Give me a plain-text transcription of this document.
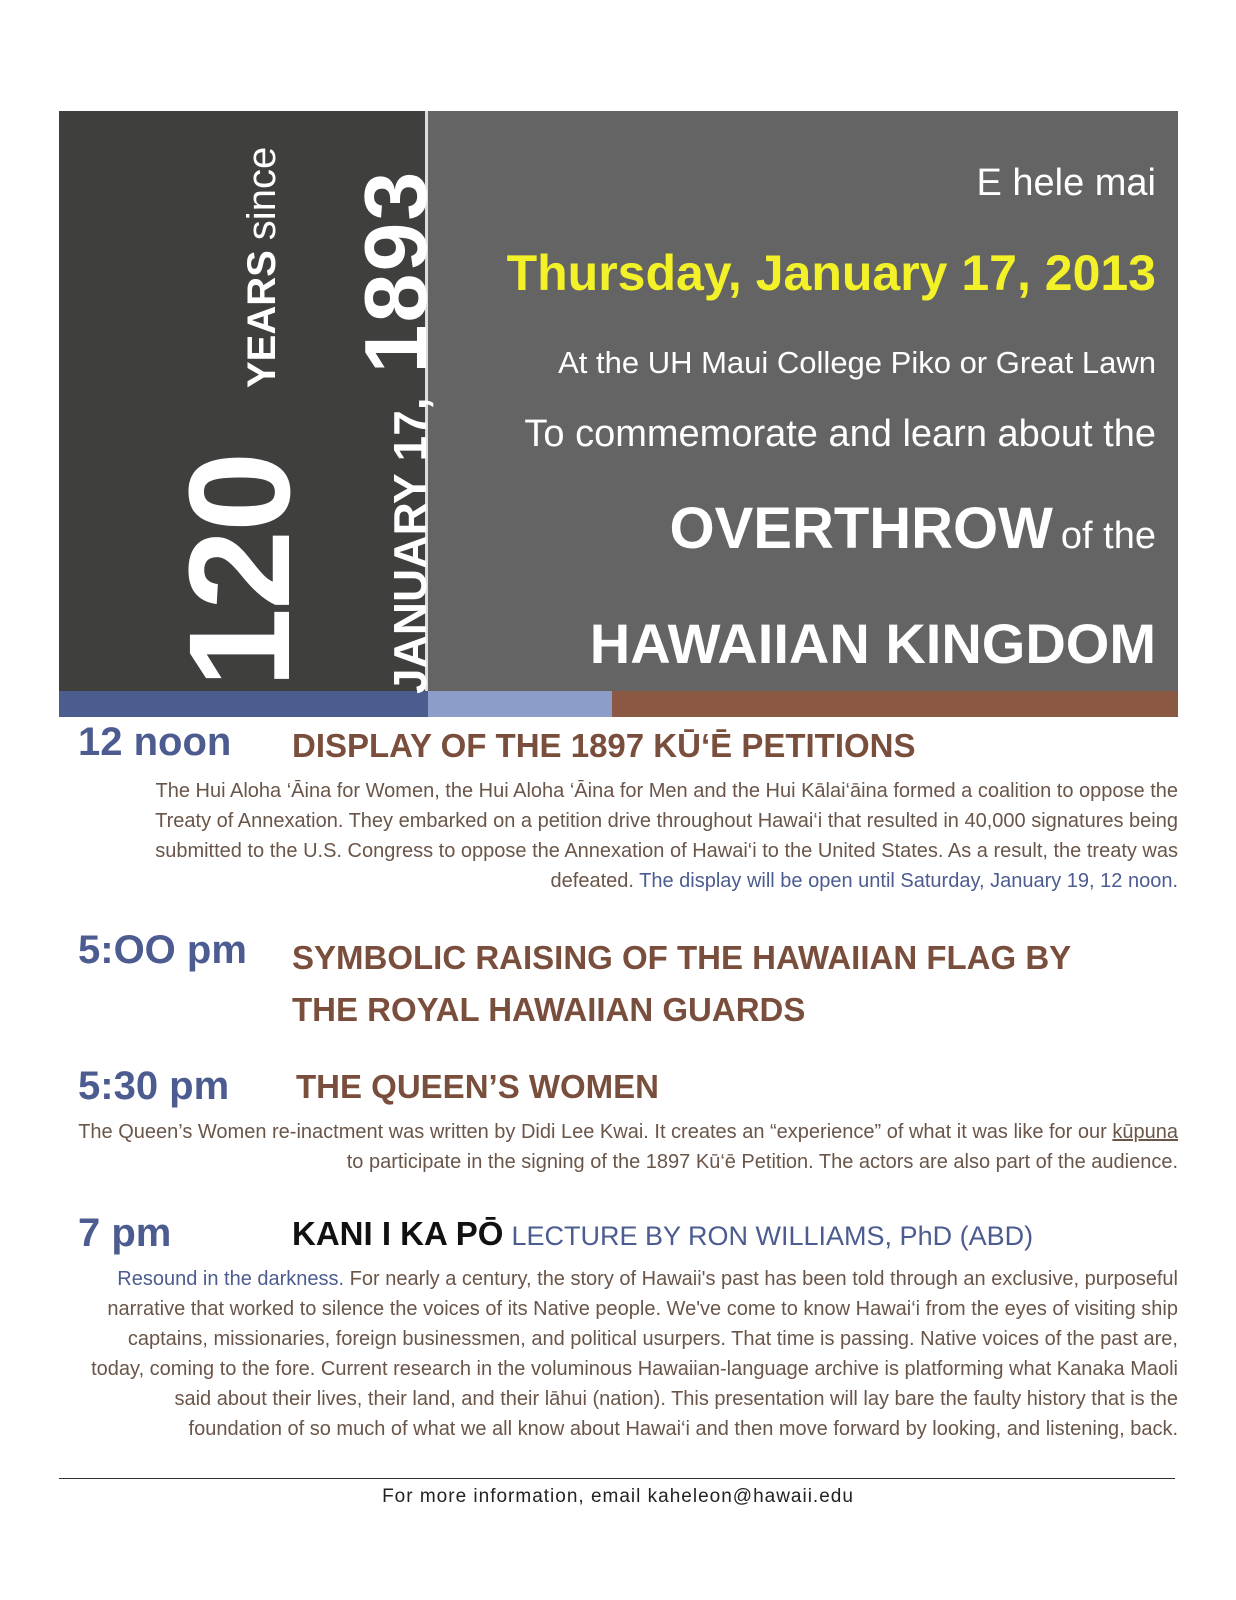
120
YEARSsince
JANUARY 17,1893	E hele mai
Thursday, January 17, 2013
At the UH Maui College Piko or Great Lawn
To commemorate and learn about the
OVERTHROW of the
HAWAIIAN KINGDOM
12 noon DISPLAY OF THE 1897 KŪ‘Ē PETITIONS
The Hui Aloha ‘Āina for Women, the Hui Aloha ‘Āina for Men and the Hui Kālai‘āina formed a coalition to oppose the Treaty of Annexation. They embarked on a petition drive throughout Hawai‘i that resulted in 40,000 signatures being submitted to the U.S. Congress to oppose the Annexation of Hawai‘i to the United States. As a result, the treaty was defeated. The display will be open until Saturday, January 19, 12 noon.
5:OO pm SYMBOLIC RAISING OF THE HAWAIIAN FLAG BY
THE ROYAL HAWAIIAN GUARDS
5:30 pm THE QUEEN’S WOMEN
The Queen’s Women re-inactment was written by Didi Lee Kwai. It creates an “experience” of what it was like for our kūpuna to participate in the signing of the 1897 Kū‘ē Petition. The actors are also part of the audience.
7 pm	KANI I KA PŌ LECTURE BY RON WILLIAMS, PhD (ABD)
Resound in the darkness. For nearly a century, the story of Hawaii's past has been told through an exclusive, purposeful narrative that worked to silence the voices of its Native people. We've come to know Hawai‘i from the eyes of visiting ship captains, missionaries, foreign businessmen, and political usurpers. That time is passing. Native voices of the past are, today, coming to the fore. Current research in the voluminous Hawaiian-language archive is platforming what Kanaka Maoli said about their lives, their land, and their lāhui (nation). This presentation will lay bare the faulty history that is the foundation of so much of what we all know about Hawai‘i and then move forward by looking, and listening, back.
For more information, email kaheleon@hawaii.edu
